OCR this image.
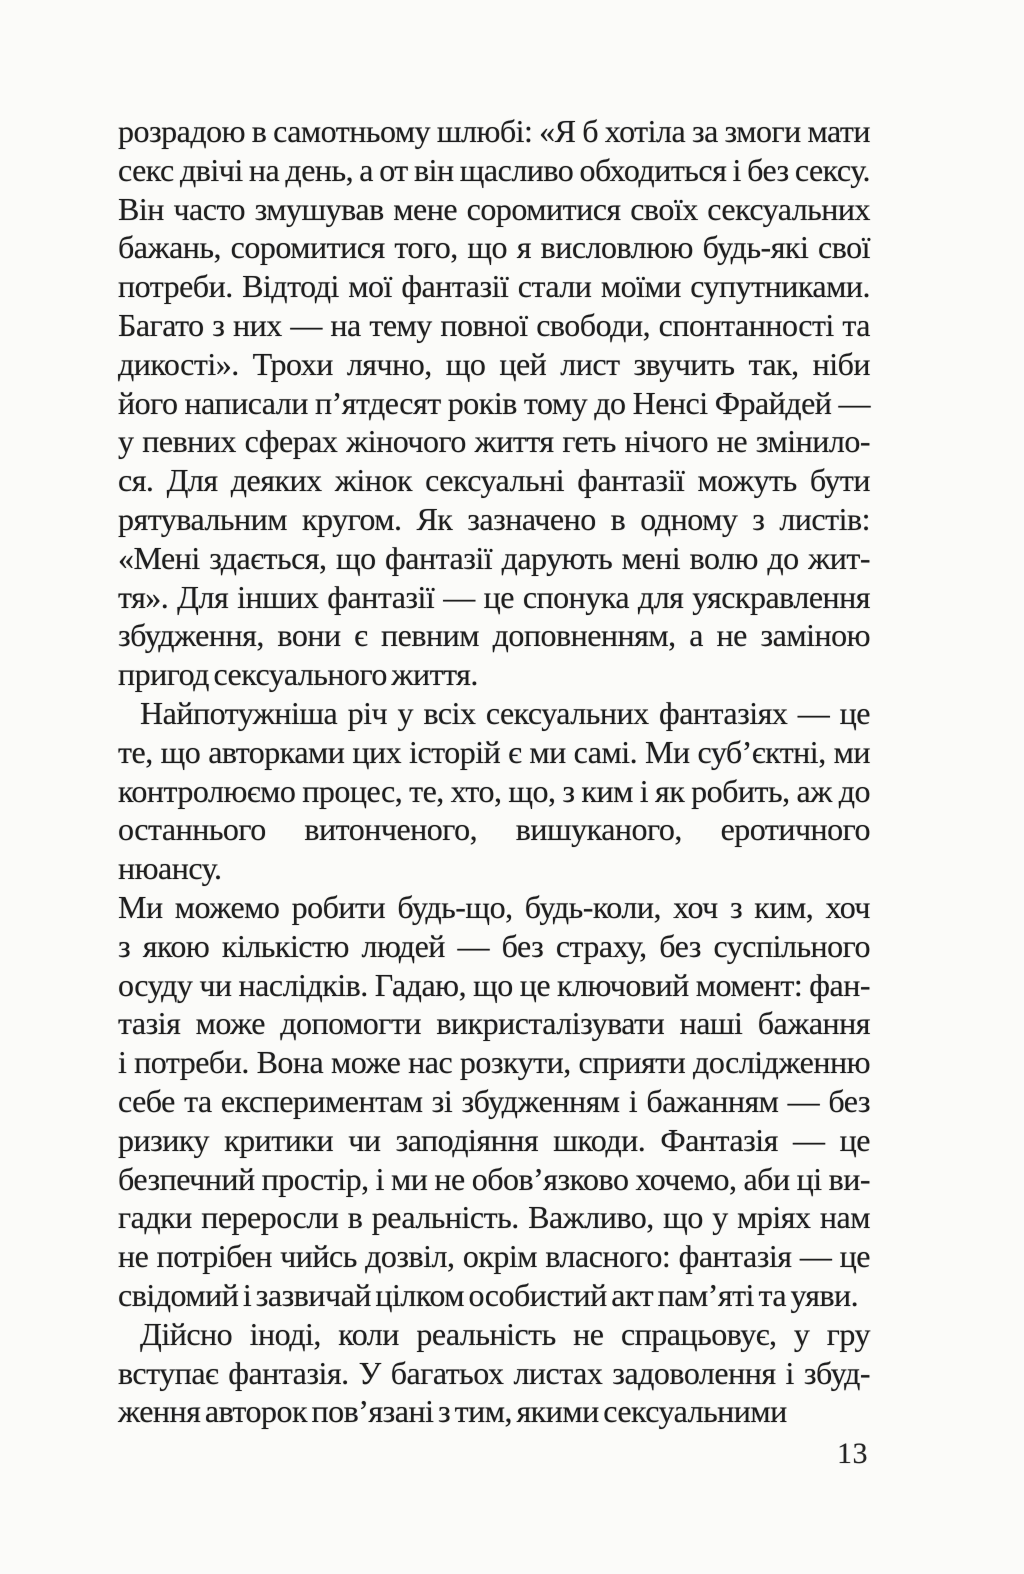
розрадою в самотньому шлюбі: «Я б хотіла за змоги мати
секс двічі на день, а от він щасливо обходиться і без сексу.
Він часто змушував мене соромитися своїх сексуальних
бажань, соромитися того, що я висловлюю будь-які свої
потреби. Відтоді мої фантазії стали моїми супутниками.
Багато з них — на тему повної свободи, спонтанності та
дикості». Трохи лячно, що цей лист звучить так, ніби
його написали п’ятдесят років тому до Ненсі Фрайдей —
у певних сферах жіночого життя геть нічого не змінило-
ся. Для деяких жінок сексуальні фантазії можуть бути
рятувальним кругом. Як зазначено в одному з листів:
«Мені здається, що фантазії дарують мені волю до жит-
тя». Для інших фантазії — це спонука для уяскравлення
збудження, вони є певним доповненням, а не заміною
пригод сексуального життя.
Найпотужніша річ у всіх сексуальних фантазіях — це
те, що авторками цих історій є ми самі. Ми суб’єктні, ми
контролюємо процес, те, хто, що, з ким і як робить, аж до
останнього витонченого, вишуканого, еротичного нюансу.
Ми можемо робити будь-що, будь-коли, хоч з ким, хоч
з якою кількістю людей — без страху, без суспільного
осуду чи наслідків. Гадаю, що це ключовий момент: фан-
тазія може допомогти викристалізувати наші бажання
і потреби. Вона може нас розкути, сприяти дослідженню
себе та експериментам зі збудженням і бажанням — без
ризику критики чи заподіяння шкоди. Фантазія — це
безпечний простір, і ми не обов’язково хочемо, аби ці ви-
гадки переросли в реальність. Важливо, що у мріях нам
не потрібен чийсь дозвіл, окрім власного: фантазія — це
свідомий і зазвичай цілком особистий акт пам’яті та уяви.
Дійсно іноді, коли реальність не спрацьовує, у гру
вступає фантазія. У багатьох листах задоволення і збуд-
ження авторок пов’язані з тим, якими сексуальними
13
